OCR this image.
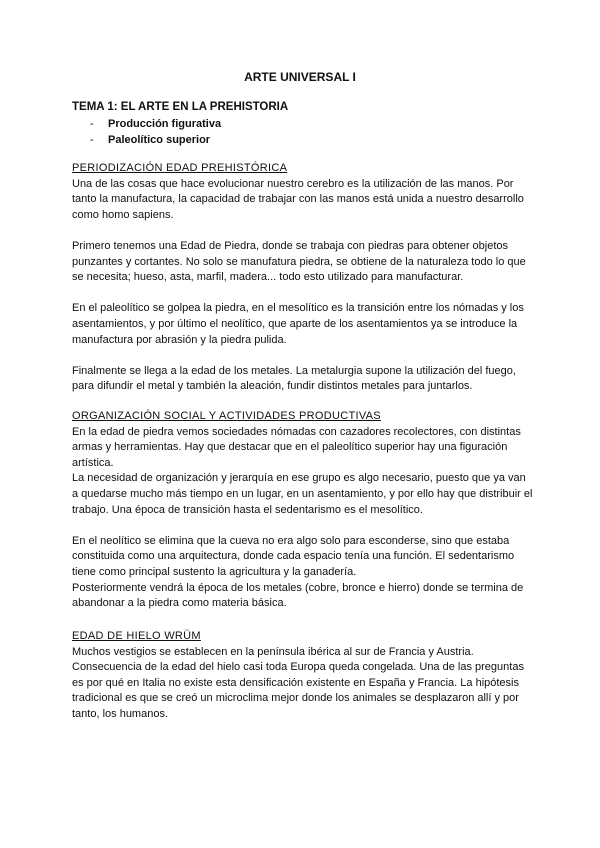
ARTE UNIVERSAL I
TEMA 1: EL ARTE EN LA PREHISTORIA
- Producción figurativa
- Paleolítico superior
PERIODIZACIÓN EDAD PREHISTÓRICA

Una de las cosas que hace evolucionar nuestro cerebro es la utilización de las manos. Por tanto la manufactura, la capacidad de trabajar con las manos está unida a nuestro desarrollo como homo sapiens.

Primero tenemos una Edad de Piedra, donde se trabaja con piedras para obtener objetos punzantes y cortantes. No solo se manufatura piedra, se obtiene de la naturaleza todo lo que se necesita; hueso, asta, marfil, madera... todo esto utilizado para manufacturar.

En el paleolítico se golpea la piedra, en el mesolítico es la transición entre los nómadas y los asentamientos, y por último el neolítico, que aparte de los asentamientos ya se introduce la manufactura por abrasión y la piedra pulida.

Finalmente se llega a la edad de los metales. La metalurgia supone la utilización del fuego, para difundir el metal y también la aleación, fundir distintos metales para juntarlos.

ORGANIZACIÓN SOCIAL Y ACTIVIDADES PRODUCTIVAS

En la edad de piedra vemos sociedades nómadas con cazadores recolectores, con distintas armas y herramientas. Hay que destacar que en el paleolítico superior hay una figuración artística.

La necesidad de organización y jerarquía en ese grupo es algo necesario, puesto que ya van a quedarse mucho más tiempo en un lugar, en un asentamiento, y por ello hay que distribuir el trabajo. Una época de transición hasta el sedentarismo es el mesolítico.

En el neolítico se elimina que la cueva no era algo solo para esconderse, sino que estaba constituida como una arquitectura, donde cada espacio tenía una función. El sedentarismo tiene como principal sustento la agricultura y la ganadería.

Posteriormente vendrá la época de los metales (cobre, bronce e hierro) donde se termina de abandonar a la piedra como materia básica.

EDAD DE HIELO WRÜM

Muchos vestigios se establecen en la península ibérica al sur de Francia y Austria.

Consecuencia de la edad del hielo casi toda Europa queda congelada. Una de las preguntas es por qué en Italia no existe esta densificación existente en España y Francia. La hipótesis tradicional es que se creó un microclima mejor donde los animales se desplazaron allí y por tanto, los humanos.
